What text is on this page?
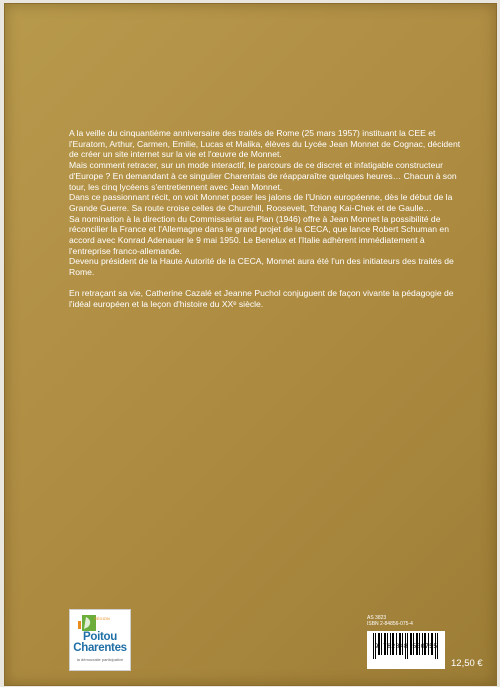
A la veille du cinquantième anniversaire des traités de Rome (25 mars 1957) instituant la CEE et l'Euratom, Arthur, Carmen, Emilie, Lucas et Malika, élèves du Lycée Jean Monnet de Cognac, décident de créer un site internet sur la vie et l'œuvre de Monnet.

Mais comment retracer, sur un mode interactif, le parcours de ce discret et infatigable constructeur d'Europe ? En demandant à ce singulier Charentais de réapparaître quelques heures… Chacun à son tour, les cinq lycéens s'entretiennent avec Jean Monnet.

Dans ce passionnant récit, on voit Monnet poser les jalons de l'Union européenne, dès le début de la Grande Guerre. Sa route croise celles de Churchill, Roosevelt, Tchang Kai-Chek et de Gaulle…

Sa nomination à la direction du Commissariat au Plan (1946) offre à Jean Monnet la possibilité de réconcilier la France et l'Allemagne dans le grand projet de la CECA, que lance Robert Schuman en accord avec Konrad Adenauer le 9 mai 1950. Le Benelux et l'Italie adhèrent immédiatement à l'entreprise franco-allemande.

Devenu président de la Haute Autorité de la CECA, Monnet aura été l'un des initiateurs des traités de Rome.

En retraçant sa vie, Catherine Cazalé et Jeanne Puchol conjuguent de façon vivante la pédagogie de l'idéal européen et la leçon d'histoire du XXᵉ siècle.

RÉGION
Poitou
Charentes
la démocratie participative
AS 3823
ISBN 2-84856-075-4
9 782848 560755
12,50 €
